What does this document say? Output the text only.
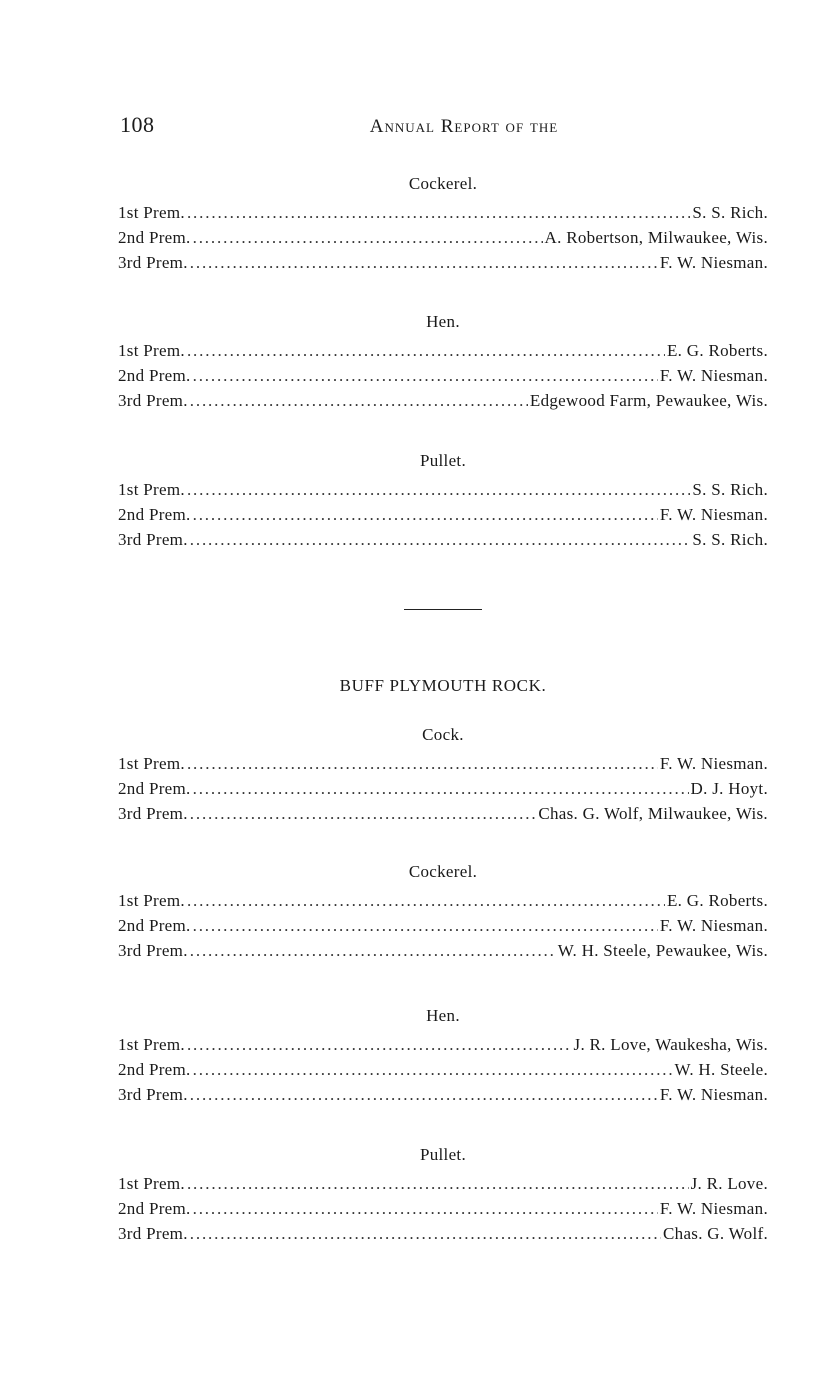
108	Annual Report of the
Cockerel.
1st Prem. . . .	S. S. Rich.
2nd Prem. . . .	A. Robertson, Milwaukee, Wis.
3rd Prem. . . .	F. W. Niesman.
Hen.
1st Prem. . . .	E. G. Roberts.
2nd Prem. . . .	F. W. Niesman.
3rd Prem. . . .	Edgewood Farm, Pewaukee, Wis.
Pullet.
1st Prem. . . .	S. S. Rich.
2nd Prem. . . .	F. W. Niesman.
3rd Prem. . . .	S. S. Rich.
BUFF PLYMOUTH ROCK.
Cock.
1st Prem. . . .	F. W. Niesman.
2nd Prem. . . .	D. J. Hoyt.
3rd Prem. . . .	Chas. G. Wolf, Milwaukee, Wis.
Cockerel.
1st Prem. . . .	E. G. Roberts.
2nd Prem. . . .	F. W. Niesman.
3rd Prem. . . .	W. H. Steele, Pewaukee, Wis.
Hen.
1st Prem. . . .	J. R. Love, Waukesha, Wis.
2nd Prem. . . .	W. H. Steele.
3rd Prem. . . .	F. W. Niesman.
Pullet.
1st Prem. . . .	J. R. Love.
2nd Prem. . . .	F. W. Niesman.
3rd Prem. . . .	Chas. G. Wolf.
